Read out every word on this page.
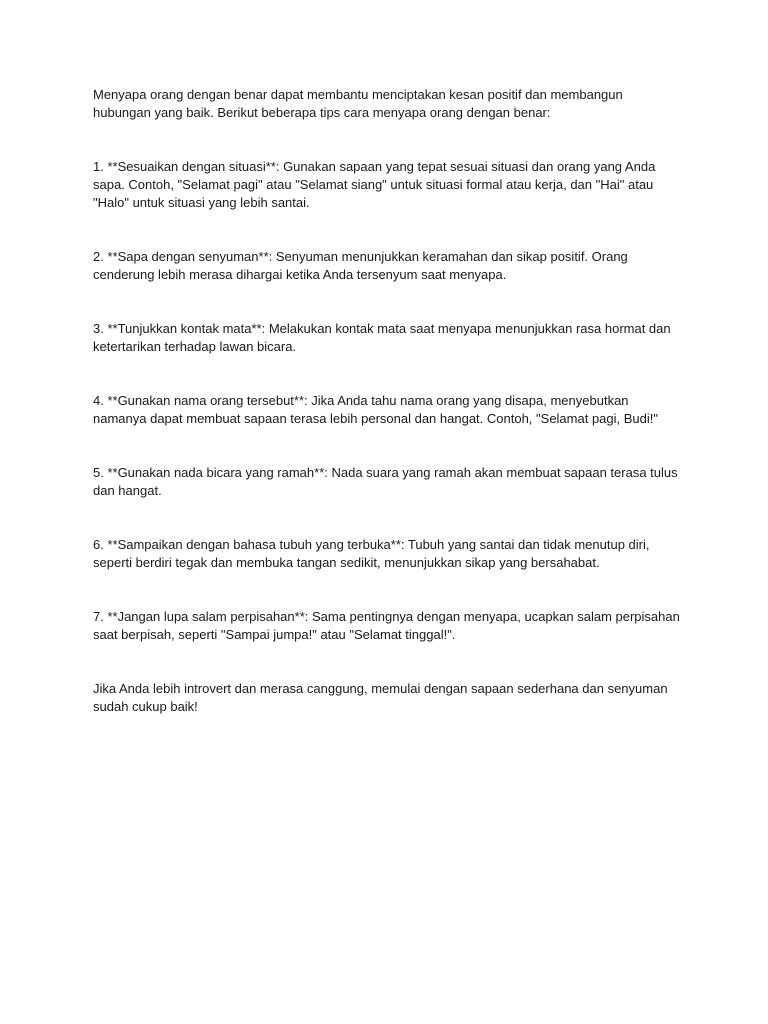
Menyapa orang dengan benar dapat membantu menciptakan kesan positif dan membangun hubungan yang baik. Berikut beberapa tips cara menyapa orang dengan benar:

1. **Sesuaikan dengan situasi**: Gunakan sapaan yang tepat sesuai situasi dan orang yang Anda sapa. Contoh, "Selamat pagi" atau "Selamat siang" untuk situasi formal atau kerja, dan "Hai" atau "Halo" untuk situasi yang lebih santai.

2. **Sapa dengan senyuman**: Senyuman menunjukkan keramahan dan sikap positif. Orang cenderung lebih merasa dihargai ketika Anda tersenyum saat menyapa.

3. **Tunjukkan kontak mata**: Melakukan kontak mata saat menyapa menunjukkan rasa hormat dan ketertarikan terhadap lawan bicara.

4. **Gunakan nama orang tersebut**: Jika Anda tahu nama orang yang disapa, menyebutkan namanya dapat membuat sapaan terasa lebih personal dan hangat. Contoh, "Selamat pagi, Budi!"

5. **Gunakan nada bicara yang ramah**: Nada suara yang ramah akan membuat sapaan terasa tulus dan hangat.

6. **Sampaikan dengan bahasa tubuh yang terbuka**: Tubuh yang santai dan tidak menutup diri, seperti berdiri tegak dan membuka tangan sedikit, menunjukkan sikap yang bersahabat.

7. **Jangan lupa salam perpisahan**: Sama pentingnya dengan menyapa, ucapkan salam perpisahan saat berpisah, seperti "Sampai jumpa!" atau "Selamat tinggal!".

Jika Anda lebih introvert dan merasa canggung, memulai dengan sapaan sederhana dan senyuman sudah cukup baik!
